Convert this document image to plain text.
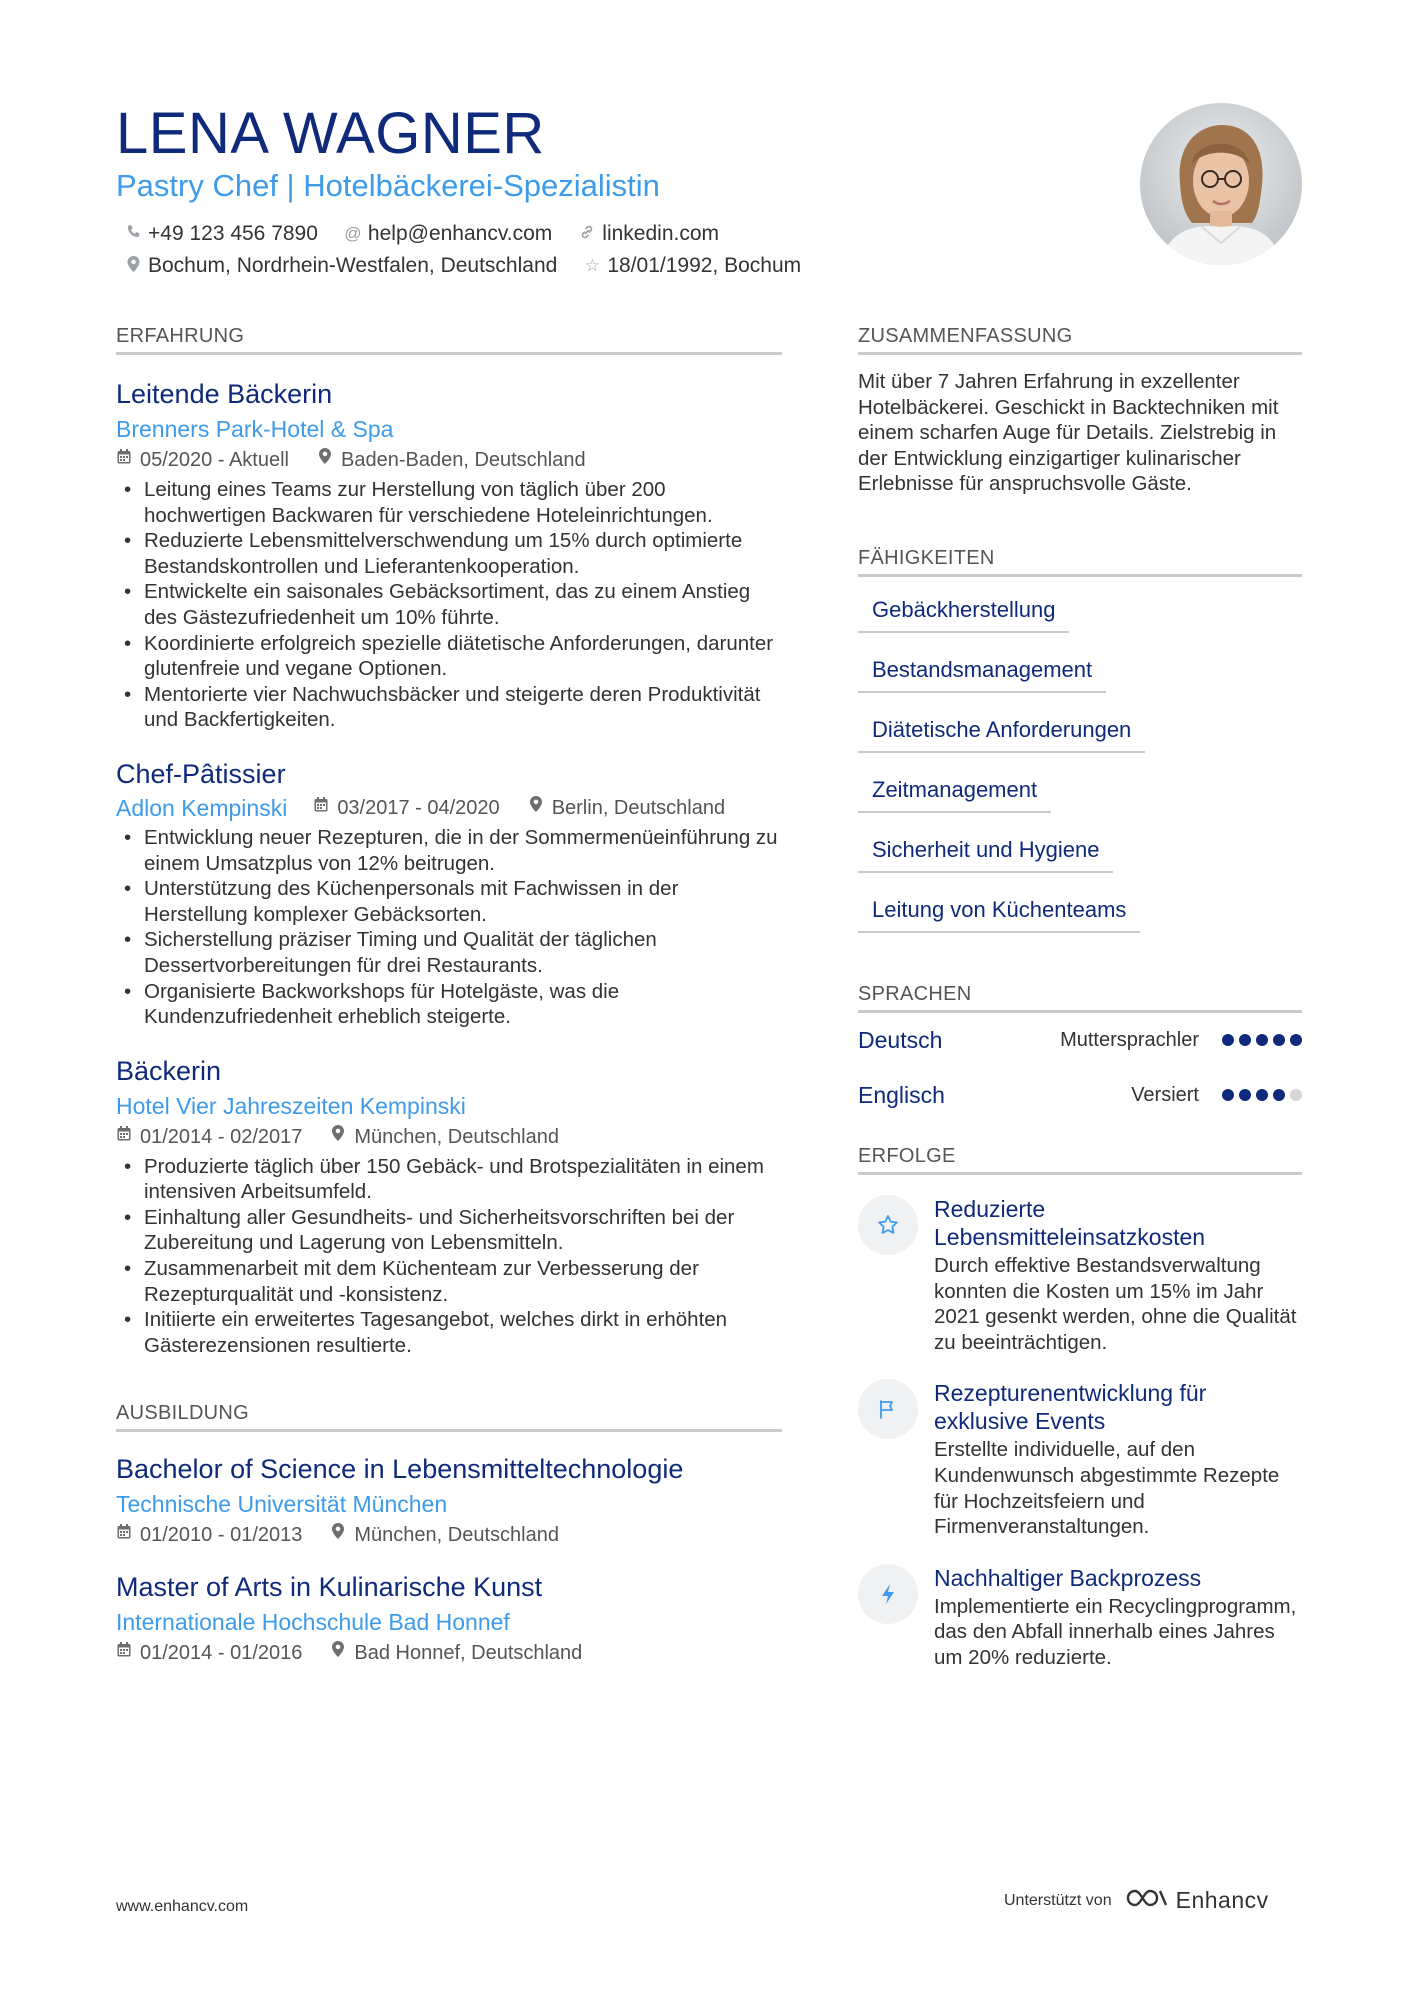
LENA WAGNER
Pastry Chef | Hotelbäckerei-Spezialistin
+49 123 456 7890 @ help@enhancv.com linkedin.com
Bochum, Nordrhein-Westfalen, Deutschland ☆ 18/01/1992, Bochum
ERFAHRUNG
Leitende Bäckerin
Brenners Park-Hotel & Spa
05/2020 - Aktuell	Baden-Baden, Deutschland
• Leitung eines Teams zur Herstellung von täglich über 200 hochwertigen Backwaren für verschiedene Hoteleinrichtungen.
• Reduzierte Lebensmittelverschwendung um 15% durch optimierte Bestandskontrollen und Lieferantenkooperation.
• Entwickelte ein saisonales Gebäcksortiment, das zu einem Anstieg des Gästezufriedenheit um 10% führte.
• Koordinierte erfolgreich spezielle diätetische Anforderungen, darunter glutenfreie und vegane Optionen.
• Mentorierte vier Nachwuchsbäcker und steigerte deren Produktivität und Backfertigkeiten.
Chef-Pâtissier
Adlon Kempinski	03/2017 - 04/2020	Berlin, Deutschland
• Entwicklung neuer Rezepturen, die in der Sommermenüeinführung zu einem Umsatzplus von 12% beitrugen.
• Unterstützung des Küchenpersonals mit Fachwissen in der Herstellung komplexer Gebäcksorten.
• Sicherstellung präziser Timing und Qualität der täglichen Dessertvorbereitungen für drei Restaurants.
• Organisierte Backworkshops für Hotelgäste, was die Kundenzufriedenheit erheblich steigerte.
Bäckerin
Hotel Vier Jahreszeiten Kempinski
01/2014 - 02/2017	München, Deutschland
• Produzierte täglich über 150 Gebäck- und Brotspezialitäten in einem intensiven Arbeitsumfeld.
• Einhaltung aller Gesundheits- und Sicherheitsvorschriften bei der Zubereitung und Lagerung von Lebensmitteln.
• Zusammenarbeit mit dem Küchenteam zur Verbesserung der Rezepturqualität und -konsistenz.
• Initiierte ein erweitertes Tagesangebot, welches dirkt in erhöhten Gästerezensionen resultierte.
AUSBILDUNG
Bachelor of Science in Lebensmitteltechnologie
Technische Universität München
01/2010 - 01/2013	München, Deutschland
Master of Arts in Kulinarische Kunst
Internationale Hochschule Bad Honnef
01/2014 - 01/2016	Bad Honnef, Deutschland
ZUSAMMENFASSUNG
Mit über 7 Jahren Erfahrung in exzellenter Hotelbäckerei. Geschickt in Backtechniken mit einem scharfen Auge für Details. Zielstrebig in der Entwicklung einzigartiger kulinarischer Erlebnisse für anspruchsvolle Gäste.
FÄHIGKEITEN
Gebäckherstellung
Bestandsmanagement
Diätetische Anforderungen
Zeitmanagement
Sicherheit und Hygiene
Leitung von Küchenteams
SPRACHEN
Deutsch	Muttersprachler
Englisch	Versiert
ERFOLGE
Reduzierte Lebensmitteleinsatzkosten
Durch effektive Bestandsverwaltung konnten die Kosten um 15% im Jahr 2021 gesenkt werden, ohne die Qualität zu beeinträchtigen.
Rezepturenentwicklung für exklusive Events
Erstellte individuelle, auf den Kundenwunsch abgestimmte Rezepte für Hochzeitsfeiern und Firmenveranstaltungen.
Nachhaltiger Backprozess
Implementierte ein Recyclingprogramm, das den Abfall innerhalb eines Jahres um 20% reduzierte.
www.enhancv.com	Unterstützt von	Enhancv
